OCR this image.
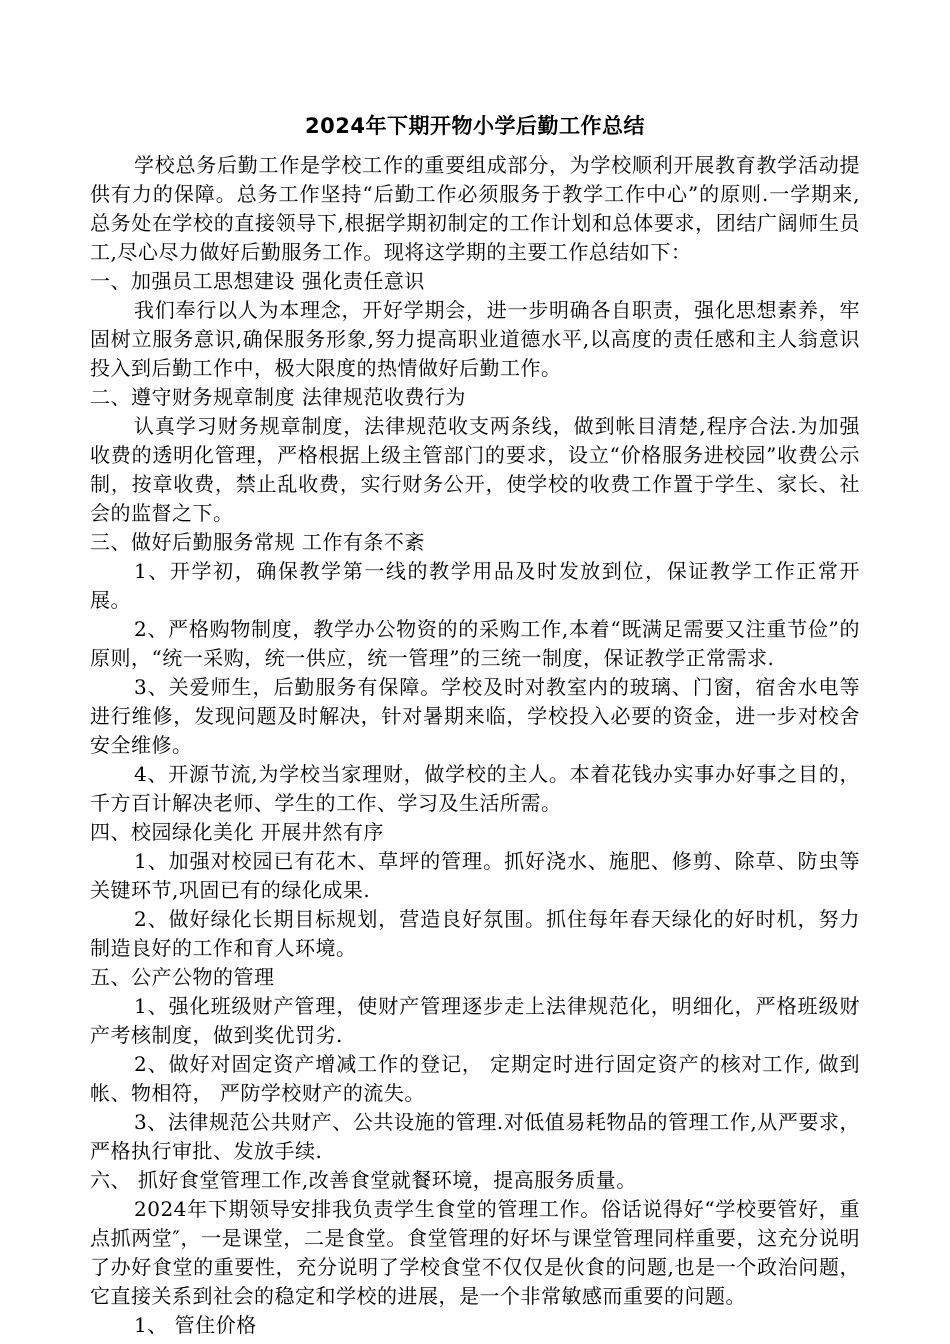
2024年下期开物小学后勤工作总结

学校总务后勤工作是学校工作的重要组成部分，为学校顺利开展教育教学活动提供有力的保障。总务工作坚持“后勤工作必须服务于教学工作中心”的原则.一学期来,总务处在学校的直接领导下,根据学期初制定的工作计划和总体要求，团结广阔师生员工,尽心尽力做好后勤服务工作。现将这学期的主要工作总结如下：

一、加强员工思想建设 强化责任意识

我们奉行以人为本理念，开好学期会，进一步明确各自职责，强化思想素养，牢固树立服务意识,确保服务形象,努力提高职业道德水平,以高度的责任感和主人翁意识投入到后勤工作中，极大限度的热情做好后勤工作。

二、遵守财务规章制度 法律规范收费行为

认真学习财务规章制度，法律规范收支两条线，做到帐目清楚,程序合法.为加强收费的透明化管理，严格根据上级主管部门的要求，设立“价格服务进校园”收费公示制，按章收费，禁止乱收费，实行财务公开，使学校的收费工作置于学生、家长、社会的监督之下。

三、做好后勤服务常规 工作有条不紊

1、开学初，确保教学第一线的教学用品及时发放到位，保证教学工作正常开展。

2、严格购物制度，教学办公物资的的采购工作,本着“既满足需要又注重节俭”的原则，“统一采购，统一供应，统一管理”的三统一制度，保证教学正常需求.

3、关爱师生，后勤服务有保障。学校及时对教室内的玻璃、门窗，宿舍水电等进行维修，发现问题及时解决，针对暑期来临，学校投入必要的资金，进一步对校舍安全维修。

4、开源节流,为学校当家理财，做学校的主人。本着花钱办实事办好事之目的，千方百计解决老师、学生的工作、学习及生活所需。

四、校园绿化美化 开展井然有序

1、加强对校园已有花木、草坪的管理。抓好浇水、施肥、修剪、除草、防虫等关键环节,巩固已有的绿化成果.

2、做好绿化长期目标规划，营造良好氛围。抓住每年春天绿化的好时机，努力制造良好的工作和育人环境。

五、公产公物的管理

1、强化班级财产管理，使财产管理逐步走上法律规范化，明细化，严格班级财产考核制度，做到奖优罚劣.

2、做好对固定资产增减工作的登记， 定期定时进行固定资产的核对工作, 做到帐、物相符， 严防学校财产的流失。

3、法律规范公共财产、公共设施的管理.对低值易耗物品的管理工作,从严要求，严格执行审批、发放手续.

六、 抓好食堂管理工作,改善食堂就餐环境，提高服务质量。

2024年下期领导安排我负责学生食堂的管理工作。俗话说得好“学校要管好，重点抓两堂″，一是课堂，二是食堂。食堂管理的好坏与课堂管理同样重要，这充分说明了办好食堂的重要性，充分说明了学校食堂不仅仅是伙食的问题,也是一个政治问题，它直接关系到社会的稳定和学校的进展，是一个非常敏感而重要的问题。

1、 管住价格
